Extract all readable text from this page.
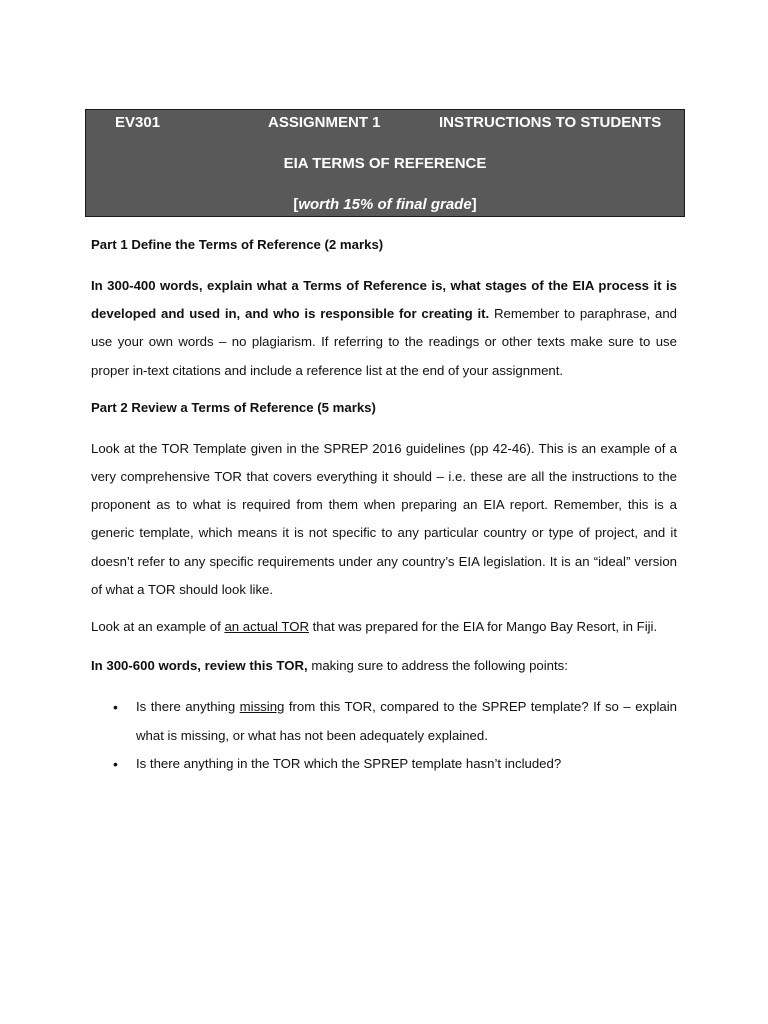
EV301	ASSIGNMENT 1	INSTRUCTIONS TO STUDENTS
EIA TERMS OF REFERENCE
[worth 15% of final grade]

Part 1 Define the Terms of Reference (2 marks)

In 300-400 words, explain what a Terms of Reference is, what stages of the EIA process it is developed and used in, and who is responsible for creating it. Remember to paraphrase, and use your own words – no plagiarism. If referring to the readings or other texts make sure to use proper in-text citations and include a reference list at the end of your assignment.

Part 2 Review a Terms of Reference (5 marks)

Look at the TOR Template given in the SPREP 2016 guidelines (pp 42-46). This is an example of a very comprehensive TOR that covers everything it should – i.e. these are all the instructions to the proponent as to what is required from them when preparing an EIA report. Remember, this is a generic template, which means it is not specific to any particular country or type of project, and it doesn’t refer to any specific requirements under any country’s EIA legislation. It is an “ideal” version of what a TOR should look like.

Look at an example of an actual TOR that was prepared for the EIA for Mango Bay Resort, in Fiji.

In 300-600 words, review this TOR, making sure to address the following points:

• Is there anything missing from this TOR, compared to the SPREP template? If so – explain what is missing, or what has not been adequately explained.
• Is there anything in the TOR which the SPREP template hasn’t included?
